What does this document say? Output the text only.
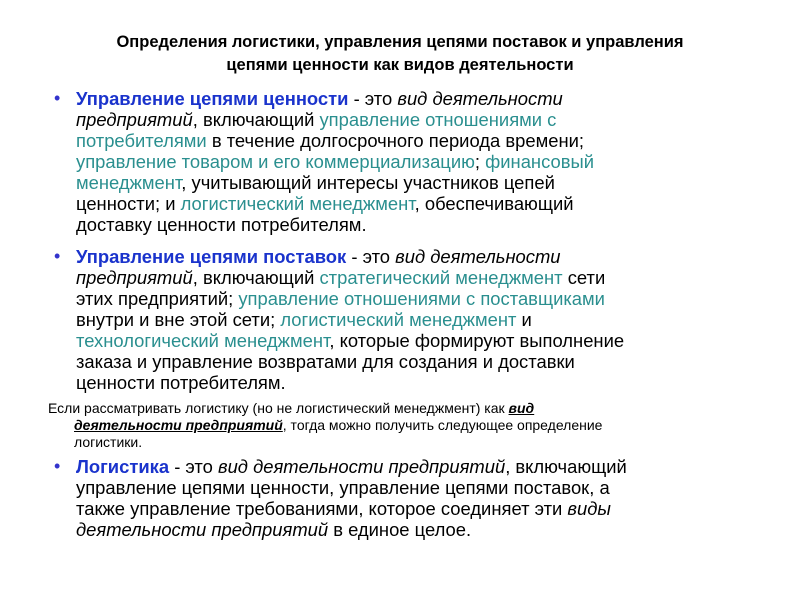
Определения логистики, управления цепями поставок и управления
цепями ценности как видов деятельности
• Управление цепями ценности - это вид деятельности
предприятий, включающий управление отношениями с
потребителями в течение долгосрочного периода времени;
управление товаром и его коммерциализацию; финансовый
менеджмент, учитывающий интересы участников цепей
ценности; и логистический менеджмент, обеспечивающий
доставку ценности потребителям.
• Управление цепями поставок - это вид деятельности
предприятий, включающий стратегический менеджмент сети
этих предприятий; управление отношениями с поставщиками
внутри и вне этой сети; логистический менеджмент и
технологический менеджмент, которые формируют выполнение
заказа и управление возвратами для создания и доставки
ценности потребителям.
Если рассматривать логистику (но не логистический менеджмент) как вид
деятельности предприятий, тогда можно получить следующее определение
логистики.
• Логистика - это вид деятельности предприятий, включающий
управление цепями ценности, управление цепями поставок, а
также управление требованиями, которое соединяет эти виды
деятельности предприятий в единое целое.
